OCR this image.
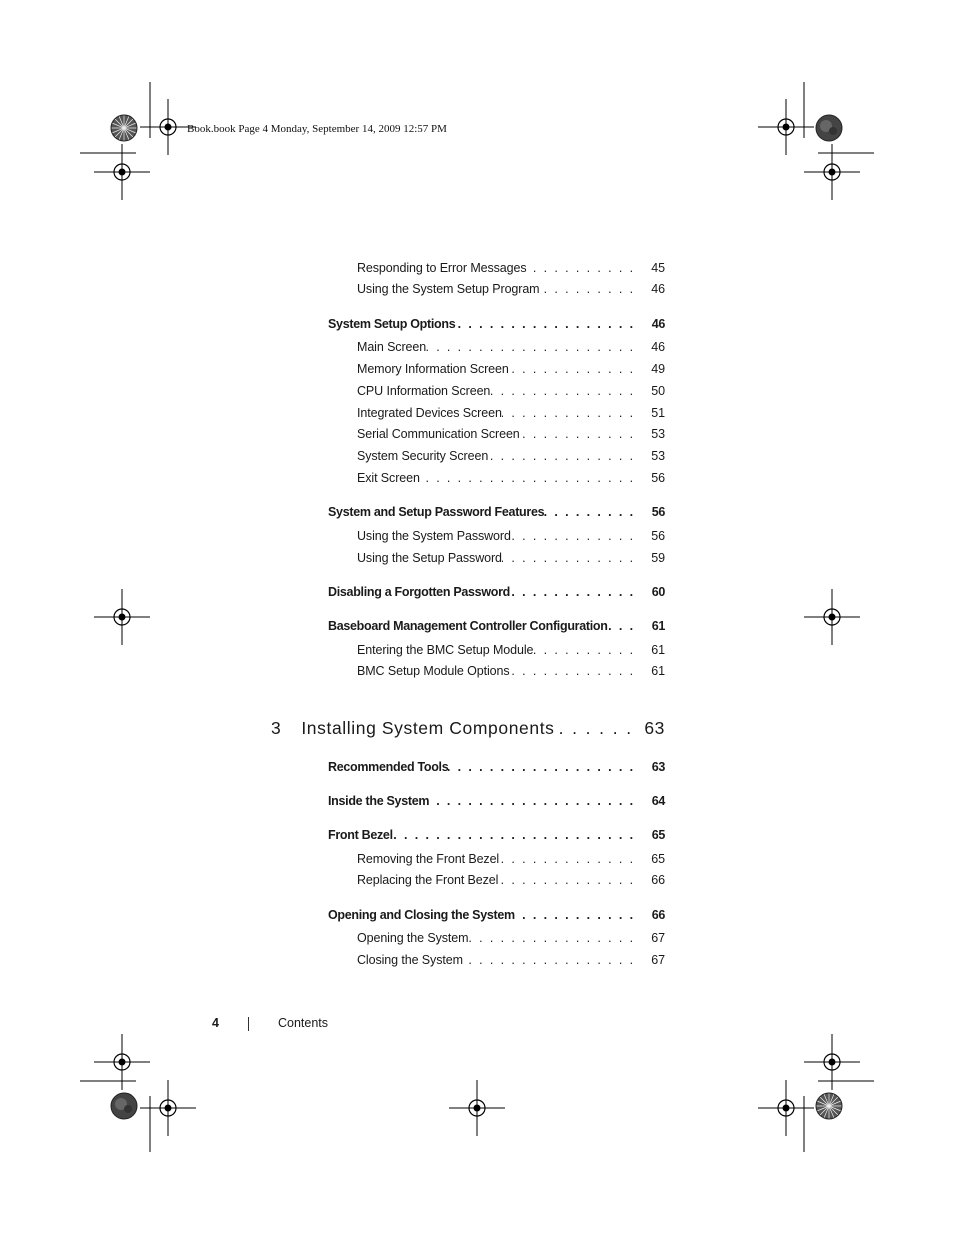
Book.book Page 4 Monday, September 14, 2009 12:57 PM
Responding to Error Messages . . .	45
Using the System Setup Program . . .	46
System Setup Options . . .	46
Main Screen . . .	46
Memory Information Screen . . .	49
CPU Information Screen . . .	50
Integrated Devices Screen . . .	51
Serial Communication Screen . . .	53
System Security Screen . . .	53
Exit Screen . . .	56
System and Setup Password Features . . .	56
Using the System Password . . .	56
Using the Setup Password . . .	59
Disabling a Forgotten Password . . .	60
Baseboard Management Controller Configuration . . .	61
Entering the BMC Setup Module . . .	61
BMC Setup Module Options . . .	61
3 Installing System Components . . .	63
Recommended Tools . . .	63
Inside the System . . .	64
Front Bezel . . .	65
Removing the Front Bezel . . .	65
Replacing the Front Bezel . . .	66
Opening and Closing the System . . .	66
Opening the System . . .	67
Closing the System . . .	67
4	Contents
